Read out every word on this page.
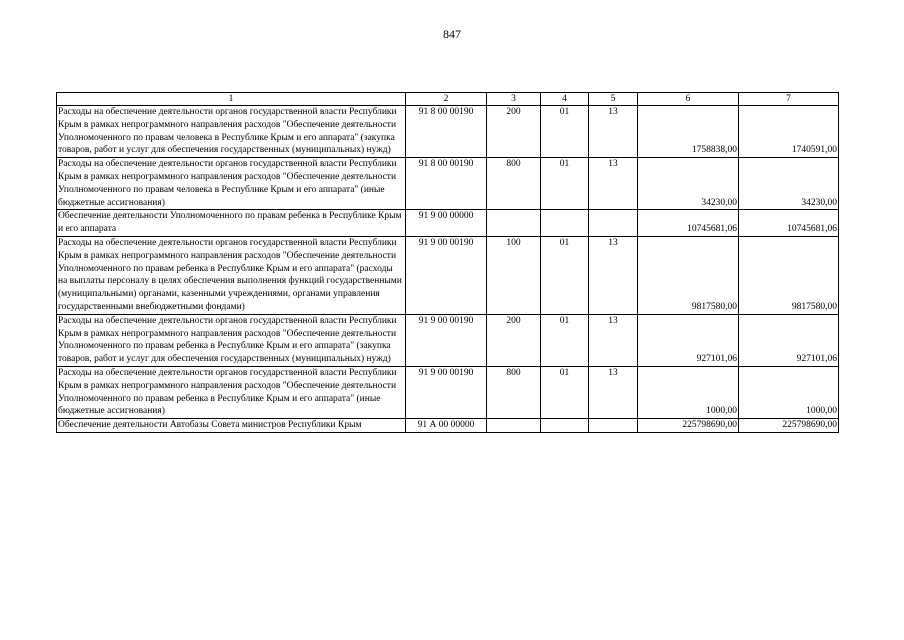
847
1	2	3	4	5	6	7
Расходы на обеспечение деятельности органов государственной власти Республики Крым в рамках непрограммного направления расходов "Обеспечение деятельности Уполномоченного по правам человека в Республике Крым и его аппарата" (закупка товаров, работ и услуг для обеспечения государственных (муниципальных) нужд)	91 8 00 00190	200	01	13	1758838,00	1740591,00
Расходы на обеспечение деятельности органов государственной власти Республики Крым в рамках непрограммного направления расходов "Обеспечение деятельности Уполномоченного по правам человека в Республике Крым и его аппарата" (иные бюджетные ассигнования)	91 8 00 00190	800	01	13	34230,00	34230,00
Обеспечение деятельности Уполномоченного по правам ребенка в Республике Крым и его аппарата	91 9 00 00000				10745681,06	10745681,06
Расходы на обеспечение деятельности органов государственной власти Республики Крым в рамках непрограммного направления расходов "Обеспечение деятельности Уполномоченного по правам ребенка в Республике Крым и его аппарата" (расходы на выплаты персоналу в целях обеспечения выполнения функций государственными (муниципальными) органами, казенными учреждениями, органами управления государственными внебюджетными фондами)	91 9 00 00190	100	01	13	9817580,00	9817580,00
Расходы на обеспечение деятельности органов государственной власти Республики Крым в рамках непрограммного направления расходов "Обеспечение деятельности Уполномоченного по правам ребенка в Республике Крым и его аппарата" (закупка товаров, работ и услуг для обеспечения государственных (муниципальных) нужд)	91 9 00 00190	200	01	13	927101,06	927101,06
Расходы на обеспечение деятельности органов государственной власти Республики Крым в рамках непрограммного направления расходов "Обеспечение деятельности Уполномоченного по правам ребенка в Республике Крым и его аппарата" (иные бюджетные ассигнования)	91 9 00 00190	800	01	13	1000,00	1000,00
Обеспечение деятельности Автобазы Совета министров Республики Крым	91 А 00 00000				225798690,00	225798690,00
